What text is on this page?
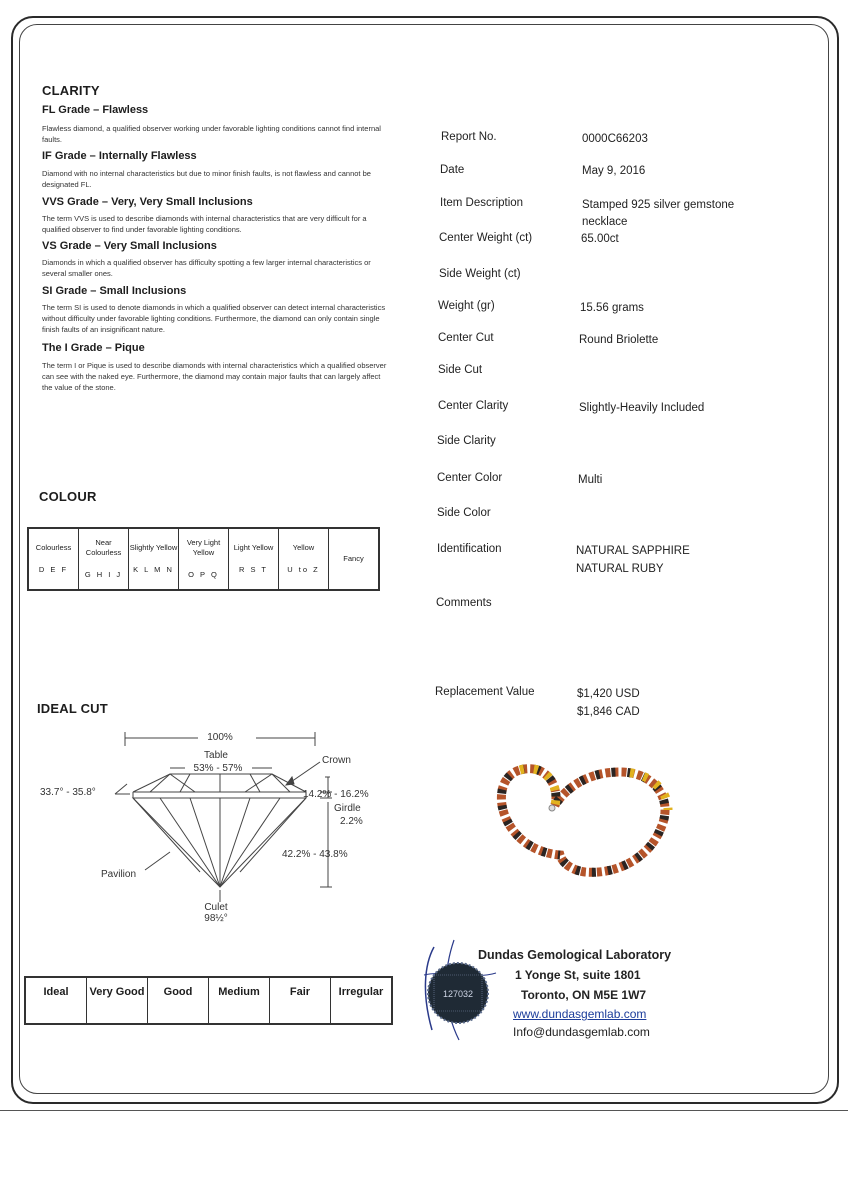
CLARITY
FL Grade – Flawless
Flawless diamond, a qualified observer working under favorable lighting conditions cannot find internal faults.
IF Grade – Internally Flawless
Diamond with no internal characteristics but due to minor finish faults, is not flawless and cannot be designated FL.
VVS Grade – Very, Very Small Inclusions
The term VVS is used to describe diamonds with internal characteristics that are very difficult for a qualified observer to find under favorable lighting conditions.
VS Grade – Very Small Inclusions
Diamonds in which a qualified observer has difficulty spotting a few larger internal characteristics or several smaller ones.
SI Grade – Small Inclusions
The term SI is used to denote diamonds in which a qualified observer can detect internal characteristics without difficulty under favorable lighting conditions. Furthermore, the diamond can only contain single finish faults of an insignificant nature.
The I Grade – Pique
The term I or Pique is used to describe diamonds with internal characteristics which a qualified observer can see with the naked eye. Furthermore, the diamond may contain major faults that can largely affect the value of the stone.
COLOUR
Colourless
D E F

Near Colourless
G H I J

Slightly Yellow
K L M N

Very Light Yellow
O P Q

Light Yellow
R S T

Yellow
U to Z

Fancy
IDEAL CUT
100%
Table
53% - 57%
Crown
33.7° - 35.8°	14.2% - 16.2%
Girdle
2.2%
42.2% - 43.8%
Pavilion
Culet
98½°
Ideal	Very Good	Good	Medium	Fair	Irregular
Report No.	0000C66203
Date	May 9, 2016
Item Description	Stamped 925 silver gemstone necklace
Center Weight (ct)	65.00ct
Side Weight (ct)
Weight (gr)	15.56 grams
Center Cut	Round Briolette
Side Cut
Center Clarity	Slightly-Heavily Included
Side Clarity
Center Color	Multi
Side Color
Identification	NATURAL SAPPHIRE
NATURAL RUBY
Comments
Replacement Value	$1,420 USD
$1,846 CAD
127032
Dundas Gemological Laboratory
1 Yonge St, suite 1801
Toronto, ON M5E 1W7
www.dundasgemlab.com
Info@dundasgemlab.com
